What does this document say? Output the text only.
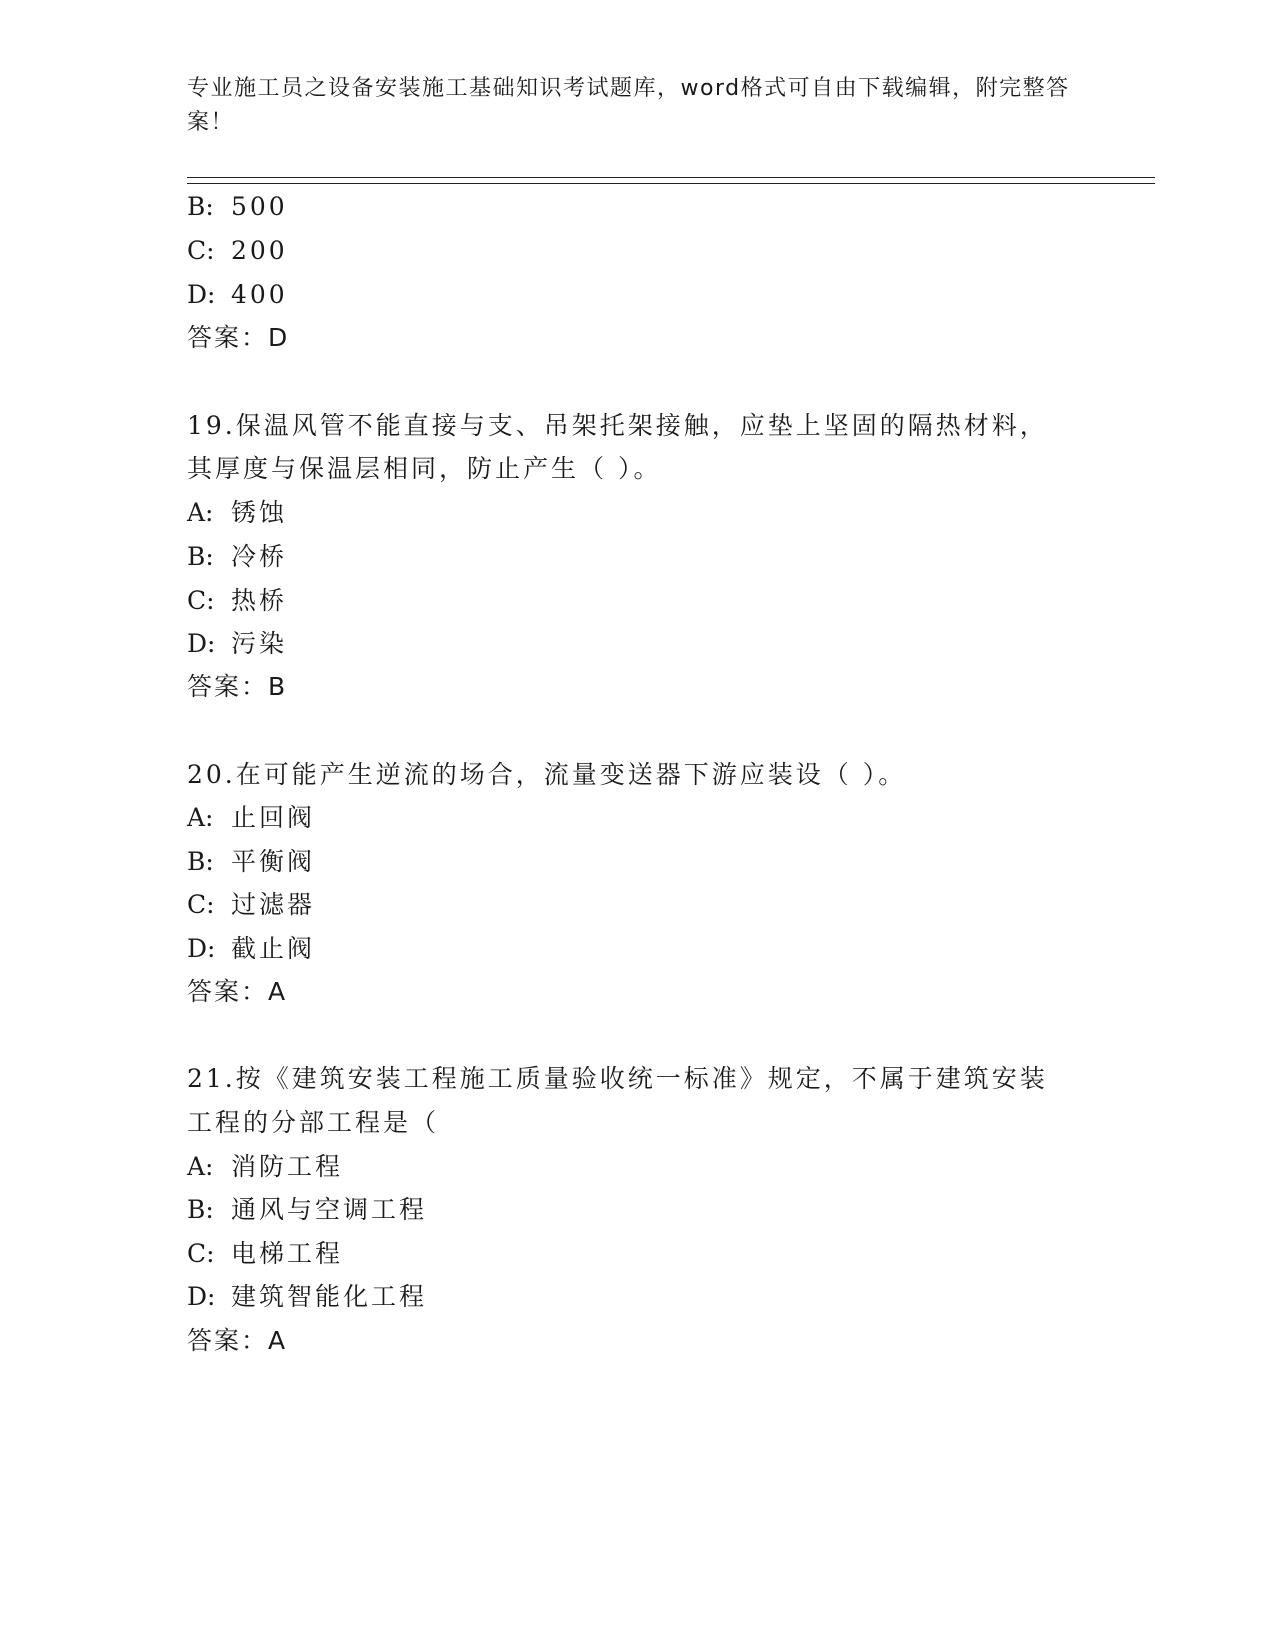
专业施工员之设备安装施工基础知识考试题库，word格式可自由下载编辑，附完整答案！
B: 500
C: 200
D: 400
答案：D
19.保温风管不能直接与支、吊架托架接触，应垫上坚固的隔热材料，
其厚度与保温层相同，防止产生（ ）。
A: 锈蚀
B: 冷桥
C: 热桥
D: 污染
答案：B
20.在可能产生逆流的场合，流量变送器下游应装设（ ）。
A: 止回阀
B: 平衡阀
C: 过滤器
D: 截止阀
答案：A
21.按《建筑安装工程施工质量验收统一标准》规定，不属于建筑安装
工程的分部工程是（
A: 消防工程
B: 通风与空调工程
C: 电梯工程
D: 建筑智能化工程
答案：A
